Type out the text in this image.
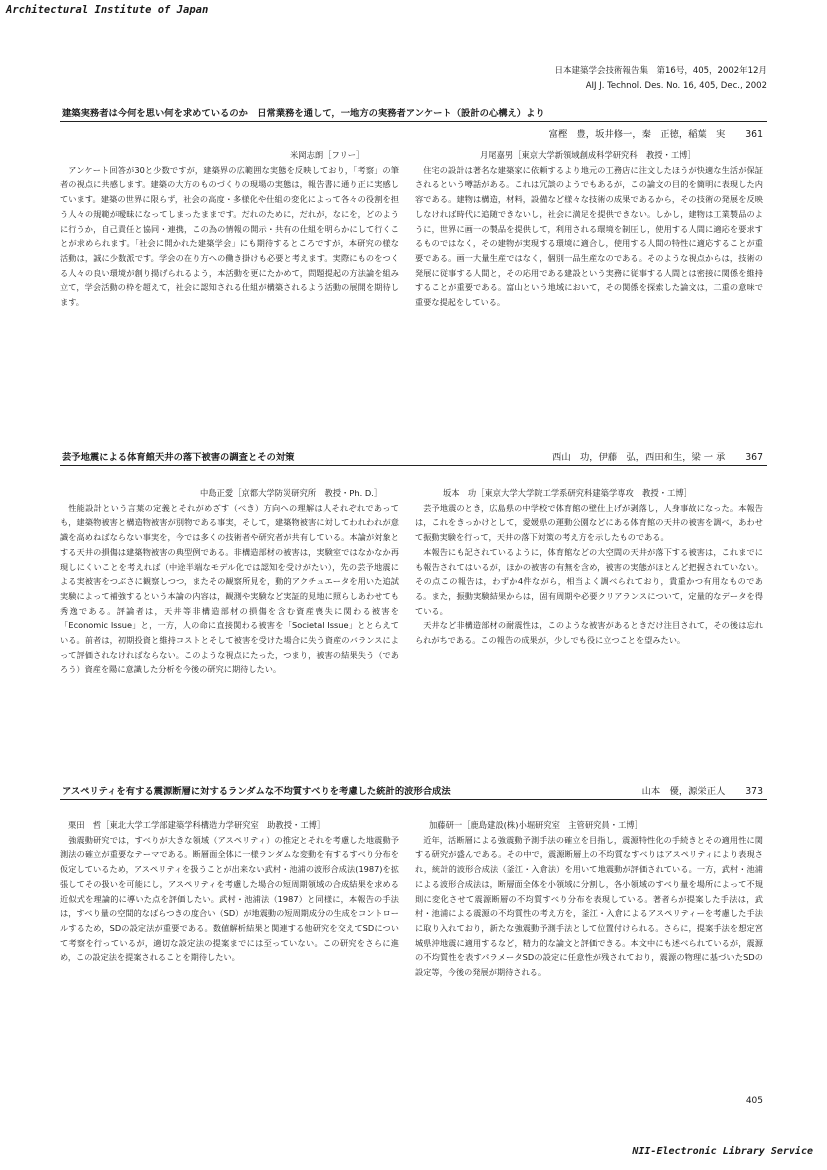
Architectural Institute of Japan
日本建築学会技術報告集　第16号，405，2002年12月
AIJ J. Technol. Des. No. 16, 405, Dec., 2002
建築実務者は今何を思い何を求めているのか　日常業務を通して，一地方の実務者アンケート（設計の心構え）より
富樫　豊，坂井修一，秦　正徳，稲葉　実 361
米岡志朗［フリー］

アンケート回答が30と少数ですが，建築界の広範囲な実態を反映しており，「考察」の筆者の視点に共感します。建築の大方のものづくりの現場の実態は，報告書に通り正に実感しています。建築の世界に限らず，社会の高度・多様化や仕組の変化によって各々の役割を担う人々の規範が曖昧になってしまったままです。だれのために，だれが，なにを，どのように行うか，自己責任と協同・連携，この為の情報の開示・共有の仕組を明らかにして行くことが求められます。「社会に開かれた建築学会」にも期待するところですが，本研究の様な活動は，誠に少数派です。学会の在り方への働き掛けも必要と考えます。実際にものをつくる人々の良い環境が創り揚げられるよう，本活動を更にたかめて，問題提起の方法論を組み立て，学会活動の枠を超えて，社会に認知される仕組が構築されるよう活動の展開を期待します。

月尾嘉男［東京大学新領域創成科学研究科　教授・工博］

住宅の設計は著名な建築家に依頼するより地元の工務店に注文したほうが快適な生活が保証されるという噂話がある。これは冗談のようでもあるが，この論文の目的を簡明に表現した内容である。建物は構造，材料，設備など様々な技術の成果であるから，その技術の発展を反映しなければ時代に追随できないし，社会に満足を提供できない。しかし，建物は工業製品のように，世界に画一の製品を提供して，利用される環境を制圧し，使用する人間に適応を要求するものではなく，その建物が実現する環境に適合し，使用する人間の特性に適応することが重要である。画一大量生産ではなく，個別一品生産なのである。そのような視点からは，技術の発展に従事する人間と，その応用である建設という実務に従事する人間とは密接に関係を維持することが重要である。富山という地域において，その関係を探索した論文は，二重の意味で重要な提起をしている。

芸予地震による体育館天井の落下被害の調査とその対策	西山　功，伊藤　弘，西田和生，梁 一 承 367
中島正愛［京都大学防災研究所　教授・Ph. D.］

性能設計という言葉の定義とそれがめざす（べき）方向への理解は人それぞれであっても，建築物被害と構造物被害が別物である事実，そして，建築物被害に対してわれわれが意識を高めねばならない事実を，今では多くの技術者や研究者が共有している。本論が対象とする天井の損傷は建築物被害の典型例である。非構造部材の被害は，実験室ではなかなか再現しにくいことを考えれば（中途半端なモデル化では認知を受けがたい），先の芸予地震による実被害をつぶさに観察しつつ，またその観察所見を，動的アクチュエータを用いた追試実験によって補強するという本論の内容は，観測や実験など実証的見地に照らしあわせても秀逸である。評論者は，天井等非構造部材の損傷を含む資産喪失に関わる被害を「Economic Issue」と，一方，人の命に直接関わる被害を「Societal Issue」ととらえている。前者は，初期投資と維持コストとそして被害を受けた場合に失う資産のバランスによって評価されなければならない。このような視点にたった，つまり，被害の結果失う（であろう）資産を陽に意識した分析を今後の研究に期待したい。

坂本　功［東京大学大学院工学系研究科建築学専攻　教授・工博］

芸予地震のとき，広島県の中学校で体育館の壁仕上げが剥落し，人身事故になった。本報告は，これをきっかけとして，愛媛県の運動公園などにある体育館の天井の被害を調べ，あわせて振動実験を行って，天井の落下対策の考え方を示したものである。

本報告にも記されているように，体育館などの大空間の天井が落下する被害は，これまでにも報告されてはいるが，ほかの被害の有無を含め，被害の実態がほとんど把握されていない。その点この報告は，わずか4件ながら，相当よく調べられており，貴重かつ有用なものである。また，振動実験結果からは，固有周期や必要クリアランスについて，定量的なデータを得ている。

天井など非構造部材の耐震性は，このような被害があるときだけ注目されて，その後は忘れられがちである。この報告の成果が，少しでも役に立つことを望みたい。

アスペリティを有する震源断層に対するランダムな不均質すべりを考慮した統計的波形合成法	山本　優，源栄正人 373
栗田　哲［東北大学工学部建築学科構造力学研究室　助教授・工博］

強震動研究では，すべりが大きな領域（アスペリティ）の推定とそれを考慮した地震動予測法の確立が重要なテーマである。断層面全体に一様ランダムな変動を有するすべり分布を仮定しているため，アスペリティを扱うことが出来ない武村・池浦の波形合成法(1987)を拡張してその扱いを可能にし，アスペリティを考慮した場合の短周期領域の合成結果を求める近似式を理論的に導いた点を評価したい。武村・池浦法（1987）と同様に，本報告の手法は，すべり量の空間的なばらつきの度合い（SD）が地震動の短周期成分の生成をコントロールするため，SDの設定法が重要である。数値解析結果と関連する他研究を交えてSDについて考察を行っているが，適切な設定法の提案までには至っていない。この研究をさらに進め，この設定法を提案されることを期待したい。

加藤研一［鹿島建設(株)小堀研究室　主管研究員・工博］

近年，活断層による強震動予測手法の確立を目指し，震源特性化の手続きとその適用性に関する研究が盛んである。その中で，震源断層上の不均質なすべりはアスペリティにより表現され，統計的波形合成法（釜江・入倉法）を用いて地震動が評価されている。一方，武村・池浦による波形合成法は，断層面全体を小領域に分割し，各小領域のすべり量を場所によって不規則に変化させて震源断層の不均質すべり分布を表現している。著者らが提案した手法は，武村・池浦による震源の不均質性の考え方を，釜江・入倉によるアスペリティーを考慮した手法に取り入れており，新たな強震動予測手法として位置付けられる。さらに，提案手法を想定宮城県沖地震に適用するなど，精力的な論文と評価できる。本文中にも述べられているが，震源の不均質性を表すパラメータSDの設定に任意性が残されており，震源の物理に基づいたSDの設定等，今後の発展が期待される。

405
NII-Electronic Library Service
